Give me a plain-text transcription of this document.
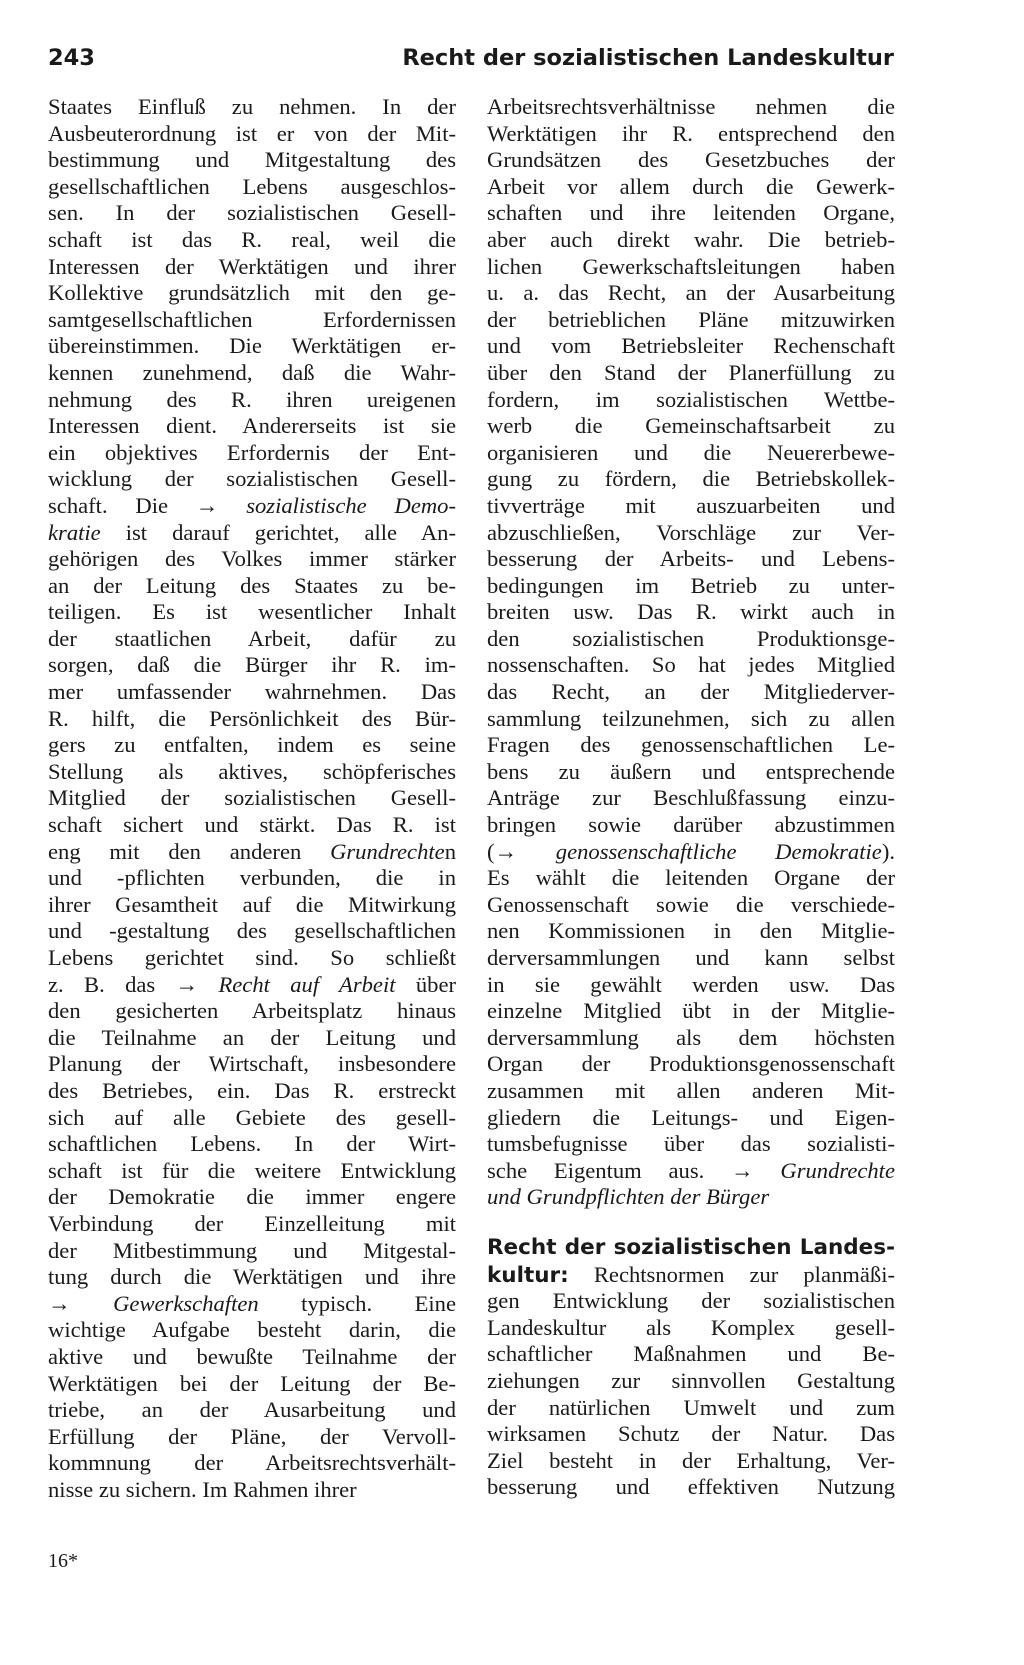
243	Recht der sozialistischen Landeskultur
Staates Einfluß zu nehmen. In der
Ausbeuterordnung ist er von der Mit-
bestimmung und Mitgestaltung des
gesellschaftlichen Lebens ausgeschlos-
sen. In der sozialistischen Gesell-
schaft ist das R. real, weil die
Interessen der Werktätigen und ihrer
Kollektive grundsätzlich mit den ge-
samtgesellschaftlichen Erfordernissen
übereinstimmen. Die Werktätigen er-
kennen zunehmend, daß die Wahr-
nehmung des R. ihren ureigenen
Interessen dient. Andererseits ist sie
ein objektives Erfordernis der Ent-
wicklung der sozialistischen Gesell-
schaft. Die → sozialistische Demo-
kratie ist darauf gerichtet, alle An-
gehörigen des Volkes immer stärker
an der Leitung des Staates zu be-
teiligen. Es ist wesentlicher Inhalt
der staatlichen Arbeit, dafür zu
sorgen, daß die Bürger ihr R. im-
mer umfassender wahrnehmen. Das
R. hilft, die Persönlichkeit des Bür-
gers zu entfalten, indem es seine
Stellung als aktives, schöpferisches
Mitglied der sozialistischen Gesell-
schaft sichert und stärkt. Das R. ist
eng mit den anderen Grundrechten
und -pflichten verbunden, die in
ihrer Gesamtheit auf die Mitwirkung
und -gestaltung des gesellschaftlichen
Lebens gerichtet sind. So schließt
z. B. das → Recht auf Arbeit über
den gesicherten Arbeitsplatz hinaus
die Teilnahme an der Leitung und
Planung der Wirtschaft, insbesondere
des Betriebes, ein. Das R. erstreckt
sich auf alle Gebiete des gesell-
schaftlichen Lebens. In der Wirt-
schaft ist für die weitere Entwicklung
der Demokratie die immer engere
Verbindung der Einzelleitung mit
der Mitbestimmung und Mitgestal-
tung durch die Werktätigen und ihre
→ Gewerkschaften typisch. Eine
wichtige Aufgabe besteht darin, die
aktive und bewußte Teilnahme der
Werktätigen bei der Leitung der Be-
triebe, an der Ausarbeitung und
Erfüllung der Pläne, der Vervoll-
kommnung der Arbeitsrechtsverhält-
nisse zu sichern. Im Rahmen ihrer
Arbeitsrechtsverhältnisse nehmen die
Werktätigen ihr R. entsprechend den
Grundsätzen des Gesetzbuches der
Arbeit vor allem durch die Gewerk-
schaften und ihre leitenden Organe,
aber auch direkt wahr. Die betrieb-
lichen Gewerkschaftsleitungen haben
u. a. das Recht, an der Ausarbeitung
der betrieblichen Pläne mitzuwirken
und vom Betriebsleiter Rechenschaft
über den Stand der Planerfüllung zu
fordern, im sozialistischen Wettbe-
werb die Gemeinschaftsarbeit zu
organisieren und die Neuererbewe-
gung zu fördern, die Betriebskollek-
tivverträge mit auszuarbeiten und
abzuschließen, Vorschläge zur Ver-
besserung der Arbeits- und Lebens-
bedingungen im Betrieb zu unter-
breiten usw. Das R. wirkt auch in
den sozialistischen Produktionsge-
nossenschaften. So hat jedes Mitglied
das Recht, an der Mitgliederver-
sammlung teilzunehmen, sich zu allen
Fragen des genossenschaftlichen Le-
bens zu äußern und entsprechende
Anträge zur Beschlußfassung einzu-
bringen sowie darüber abzustimmen
(→ genossenschaftliche Demokratie).
Es wählt die leitenden Organe der
Genossenschaft sowie die verschiede-
nen Kommissionen in den Mitglie-
derversammlungen und kann selbst
in sie gewählt werden usw. Das
einzelne Mitglied übt in der Mitglie-
derversammlung als dem höchsten
Organ der Produktionsgenossenschaft
zusammen mit allen anderen Mit-
gliedern die Leitungs- und Eigen-
tumsbefugnisse über das sozialisti-
sche Eigentum aus. → Grundrechte
und Grundpflichten der Bürger
Recht der sozialistischen Landes-
kultur: Rechtsnormen zur planmäßi-
gen Entwicklung der sozialistischen
Landeskultur als Komplex gesell-
schaftlicher Maßnahmen und Be-
ziehungen zur sinnvollen Gestaltung
der natürlichen Umwelt und zum
wirksamen Schutz der Natur. Das
Ziel besteht in der Erhaltung, Ver-
besserung und effektiven Nutzung
16*
